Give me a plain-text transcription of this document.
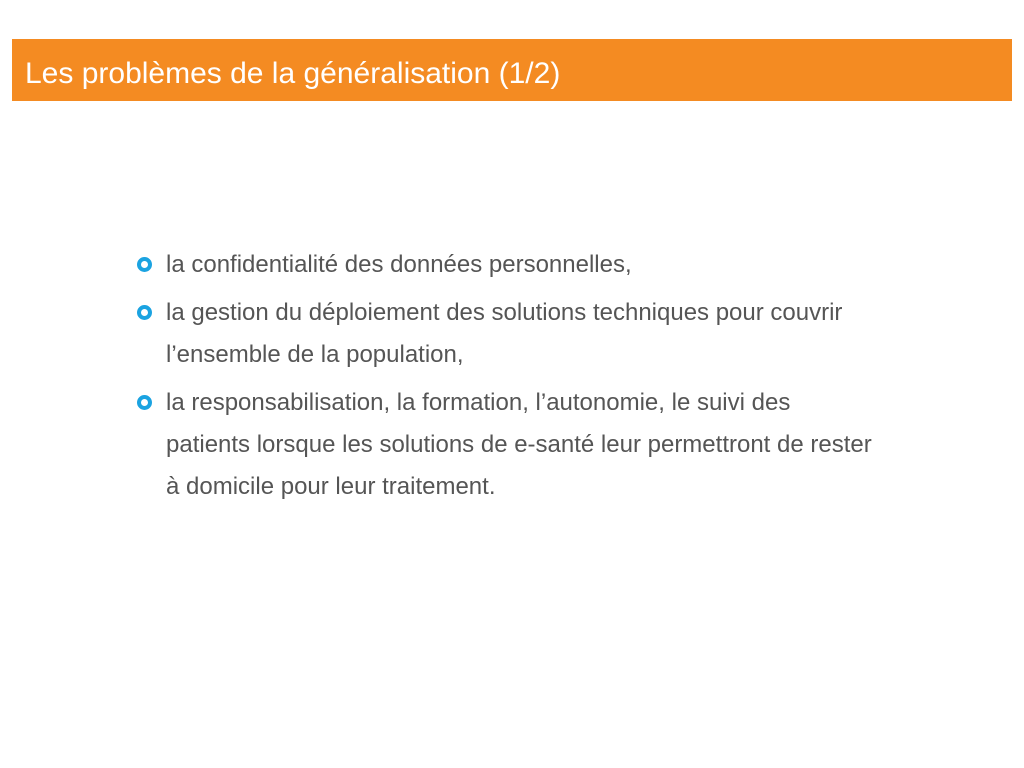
Les problèmes de la généralisation (1/2)
la confidentialité des données personnelles,
la gestion du déploiement des solutions techniques pour couvrir l’ensemble de la population,
la responsabilisation, la formation, l’autonomie, le suivi des patients lorsque les solutions de e-santé leur permettront de rester à domicile pour leur traitement.
